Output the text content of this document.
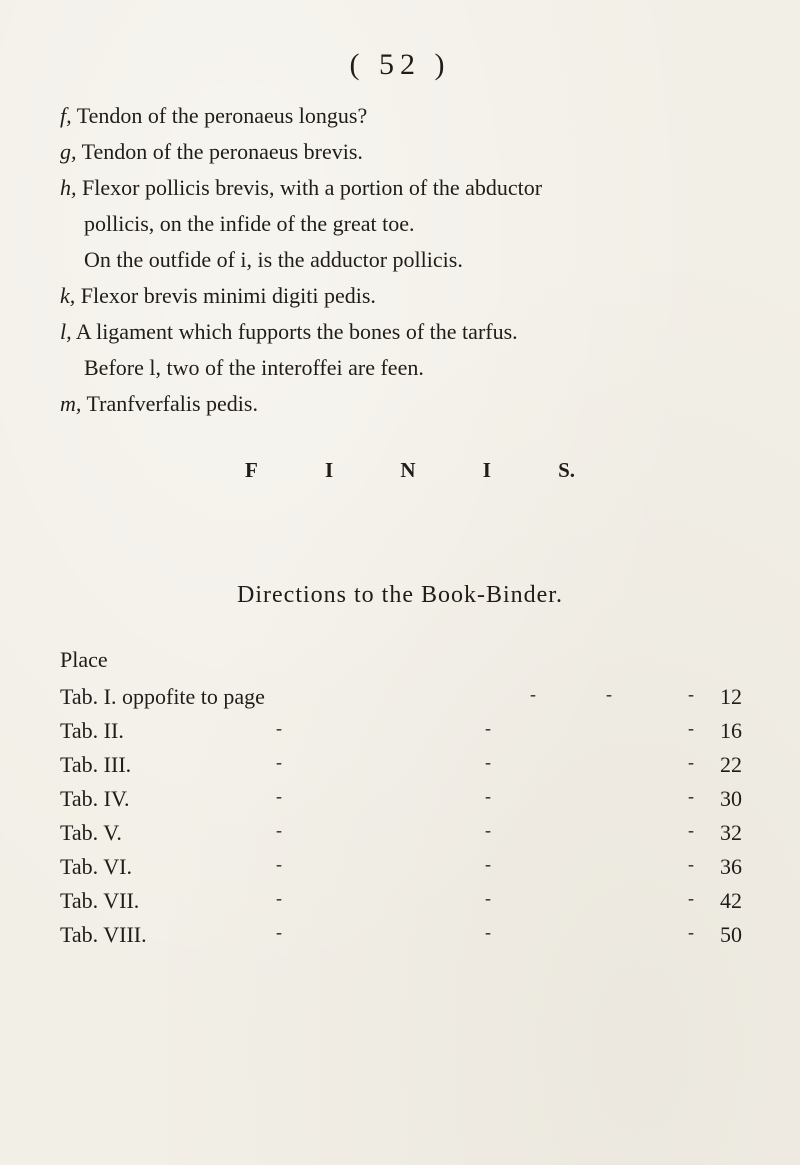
( 52 )
f, Tendon of the peronaeus longus?
g, Tendon of the peronaeus brevis.
h, Flexor pollicis brevis, with a portion of the abductor
pollicis, on the infide of the great toe.
On the outfide of i, is the adductor pollicis.
k, Flexor brevis minimi digiti pedis.
l, A ligament which fupports the bones of the tarfus.
Before l, two of the interoffei are feen.
m, Tranfverfalis pedis.
F	I	N	I	S.
Directions to the Book-Binder.
Place
Tab. I. oppofite to page	-	-	- 12
Tab. II.	-	-	- 16
Tab. III.	-	-	- 22
Tab. IV.	-	-	- 30
Tab. V.	-	-	- 32
Tab. VI.	-	-	- 36
Tab. VII.	-	-	- 42
Tab. VIII.	-	-	- 50
